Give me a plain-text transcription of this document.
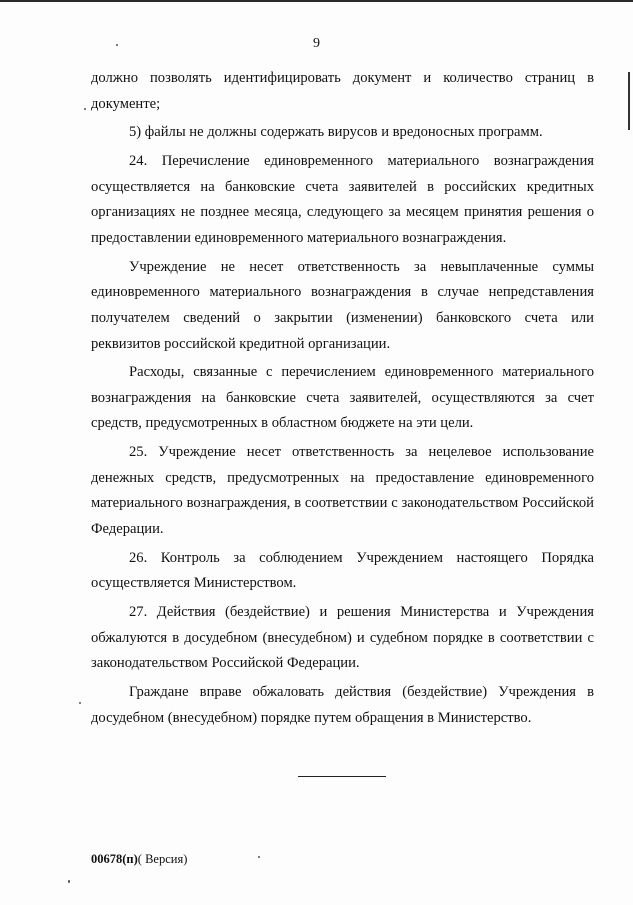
9

должно позволять идентифицировать документ и количество страниц в документе;

5) файлы не должны содержать вирусов и вредоносных программ.

24. Перечисление единовременного материального вознаграждения осуществляется на банковские счета заявителей в российских кредитных организациях не позднее месяца, следующего за месяцем принятия решения о предоставлении единовременного материального вознаграждения.

Учреждение не несет ответственность за невыплаченные суммы единовременного материального вознаграждения в случае непредставления получателем сведений о закрытии (изменении) банковского счета или реквизитов российской кредитной организации.

Расходы, связанные с перечислением единовременного материального вознаграждения на банковские счета заявителей, осуществляются за счет средств, предусмотренных в областном бюджете на эти цели.

25. Учреждение несет ответственность за нецелевое использование денежных средств, предусмотренных на предоставление единовременного материального вознаграждения, в соответствии с законодательством Российской Федерации.

26. Контроль за соблюдением Учреждением настоящего Порядка осуществляется Министерством.

27. Действия (бездействие) и решения Министерства и Учреждения обжалуются в досудебном (внесудебном) и судебном порядке в соответствии с законодательством Российской Федерации.

Граждане вправе обжаловать действия (бездействие) Учреждения в досудебном (внесудебном) порядке путем обращения в Министерство.

00678(п)( Версия)
